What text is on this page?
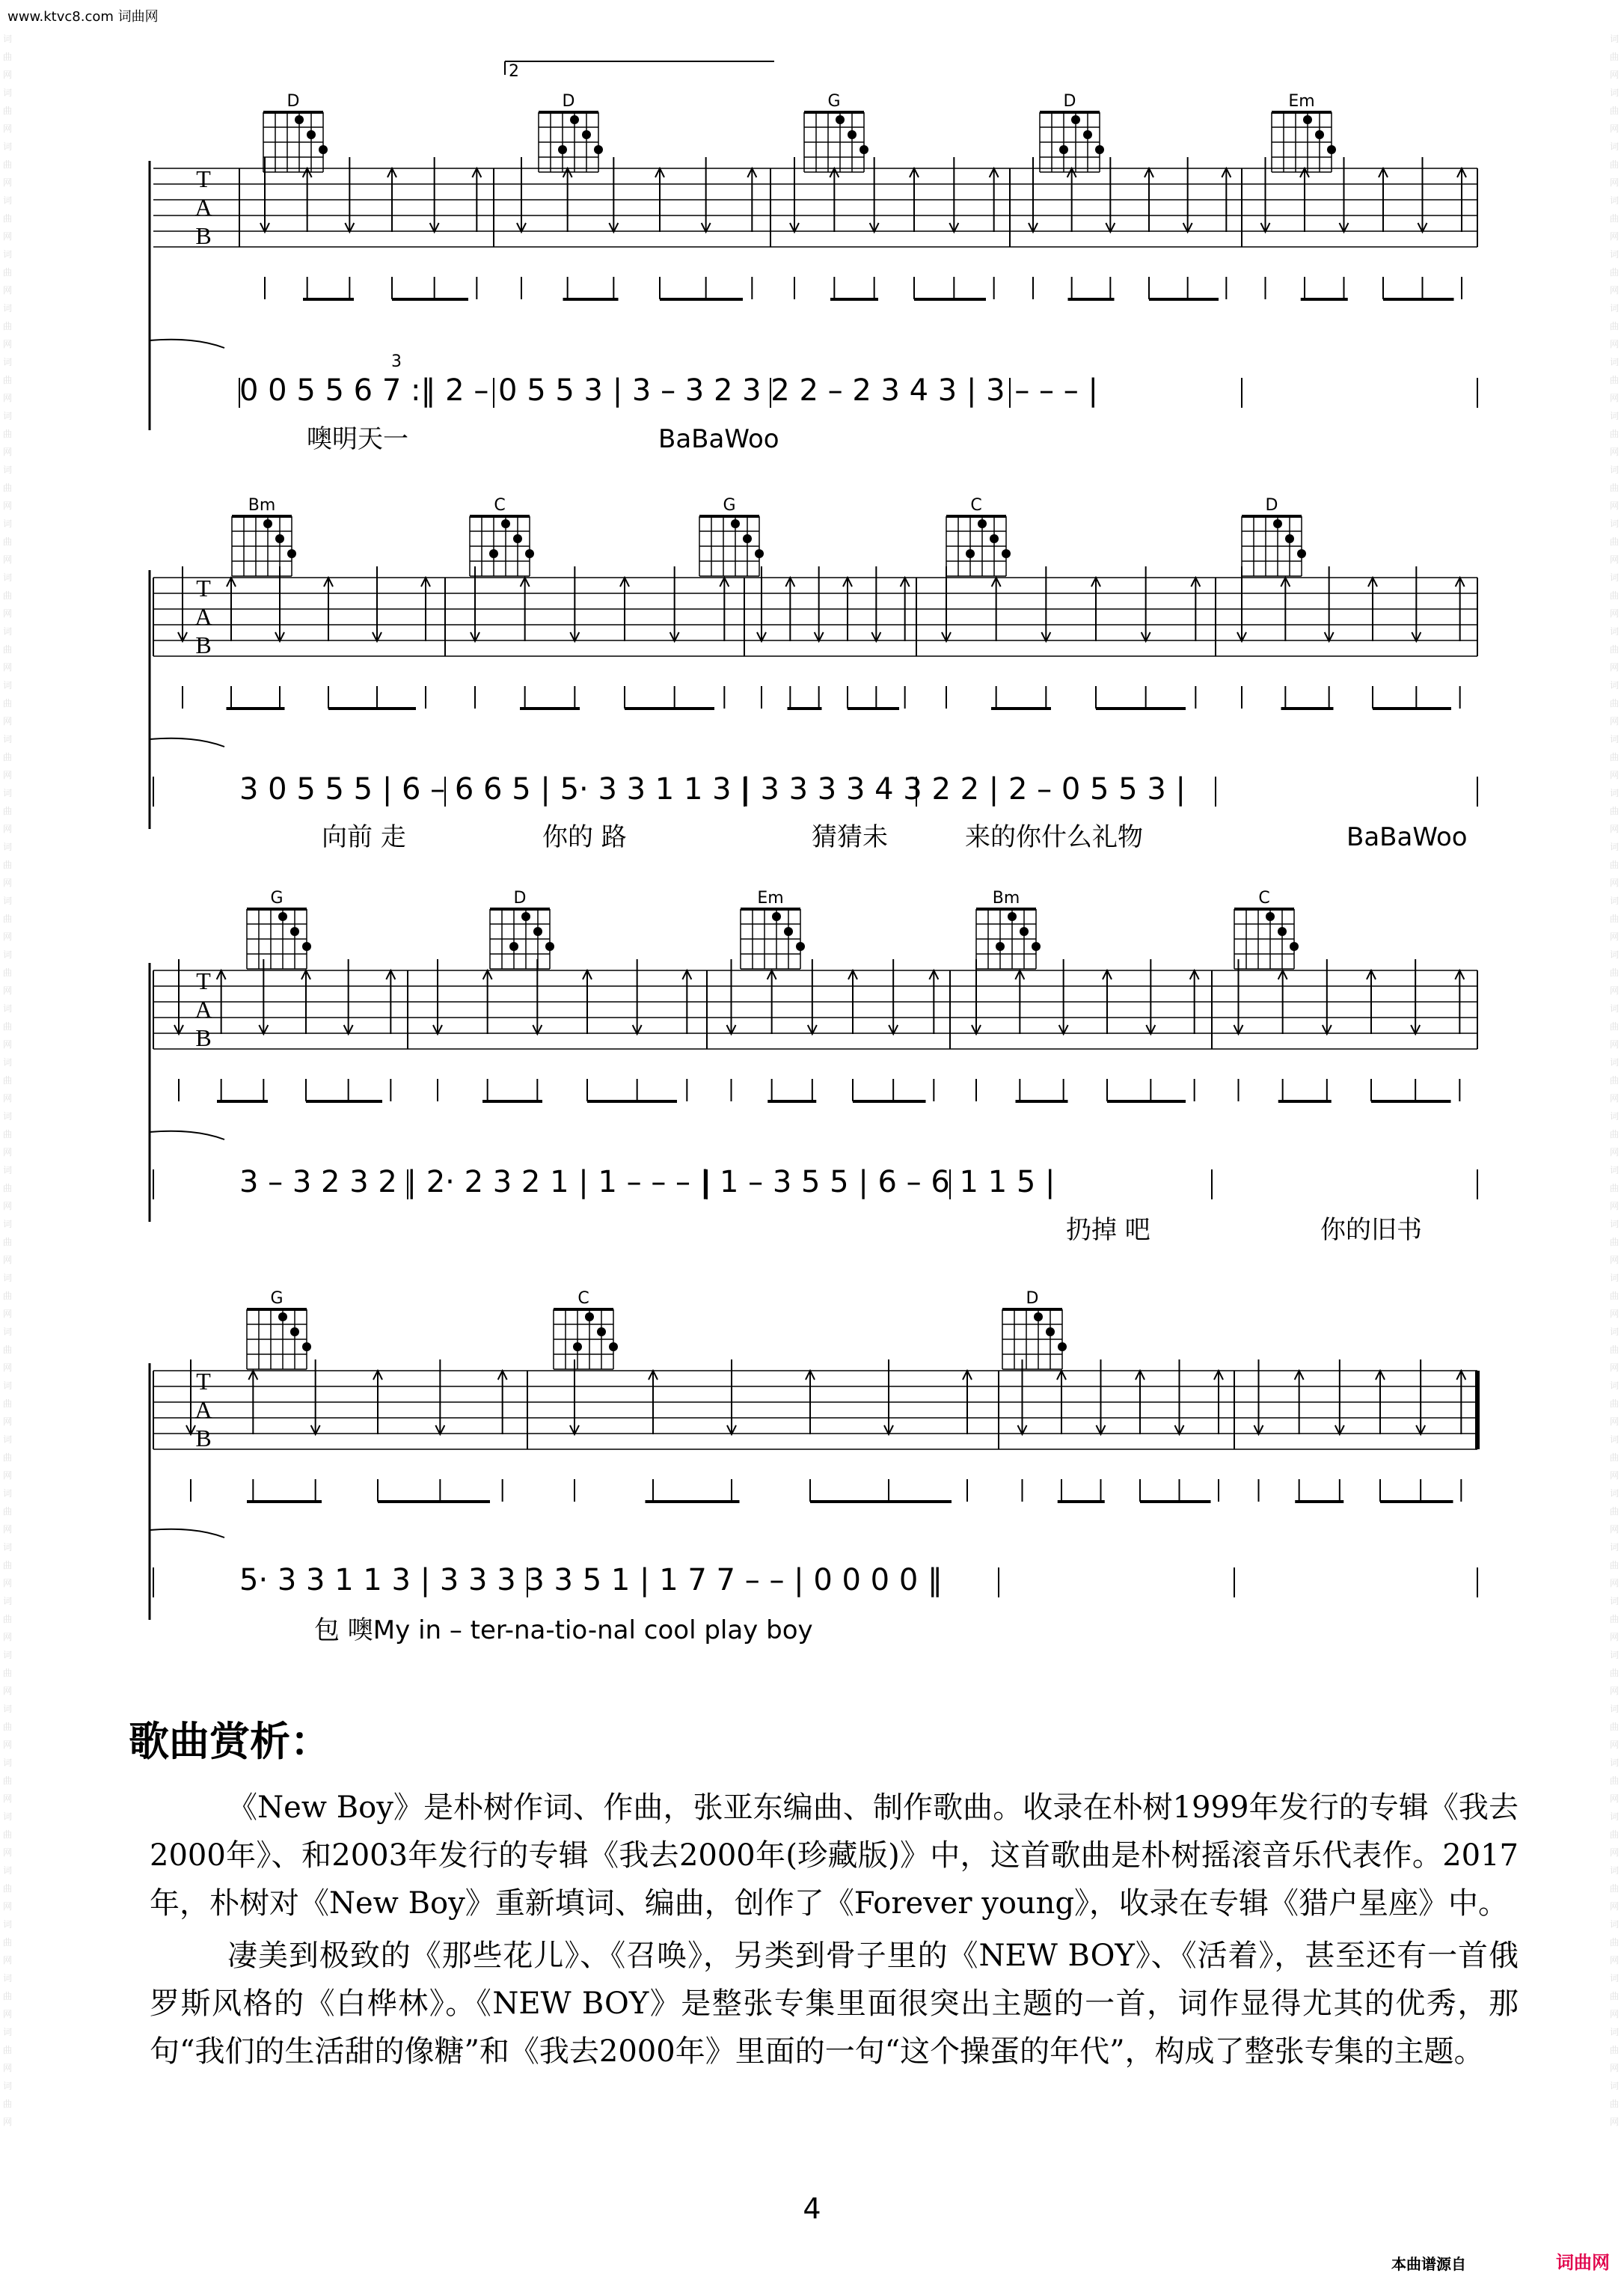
www.ktvc8.com 词曲网
词曲网词曲网词曲网词曲网词曲网词曲网词曲网词曲网词曲网词曲网词曲网词曲网词曲网词曲网词曲网词曲网词曲网词曲网词曲网词曲网词曲网词曲网词曲网词曲网词曲网词曲网词曲网词曲网词曲网词曲网词曲网词曲网词曲网词曲网词曲网词曲网词曲网词曲网词曲网
词曲网词曲网词曲网词曲网词曲网词曲网词曲网词曲网词曲网词曲网词曲网词曲网词曲网词曲网词曲网词曲网词曲网词曲网词曲网词曲网词曲网词曲网词曲网词曲网词曲网词曲网词曲网词曲网词曲网词曲网词曲网词曲网词曲网词曲网词曲网词曲网词曲网词曲网词曲网
T
A
B
0 0 5 5 6 7 :‖ 2 – 0 5 5 3 | 3 – 3 2 3 2 2 – 2 3 4 3 | 3 – – – |
噢明天一	BaBaWoo
D	D	G	D	Em
T
A
B
3 0 5 5 5 | 6 – 6 6 5 | 5· 3 3 1 1 3 | 3 3 3 3 4 3 2 2 | 2 – 0 5 5 3 |
向前 走	你的 路	猜猜未	来的你什么礼物	BaBaWoo
Bm	C	G	C	D
T
A
B
3 – 3 2 3 2 | 2· 2 3 2 1 | 1 – – – | 1 – 3 5 5 | 6 – 6 1 1 5 |
扔掉 吧	你的旧书
G	D	Em	Bm	C
T
A
B
5· 3 3 1 1 3 | 3 3 3 3 3 5 1 | 1 7 7 – – | 0 0 0 0 ‖
包 噢My in – ter-na-tio-nal cool play boy
G	C	D
2
3
歌曲赏析：

《New Boy》是朴树作词、作曲，张亚东编曲、制作歌曲。收录在朴树1999年发行的专辑《我去2000年》、和2003年发行的专辑《我去2000年(珍藏版)》中，这首歌曲是朴树摇滚音乐代表作。2017年，朴树对《New Boy》重新填词、编曲，创作了《Forever young》，收录在专辑《猎户星座》中。

凄美到极致的《那些花儿》、《召唤》，另类到骨子里的《NEW BOY》、《活着》，甚至还有一首俄罗斯风格的《白桦林》。《NEW BOY》是整张专集里面很突出主题的一首，词作显得尤其的优秀，那句“我们的生活甜的像糖”和《我去2000年》里面的一句“这个操蛋的年代”，构成了整张专集的主题。

4
本曲谱源自	词曲网
